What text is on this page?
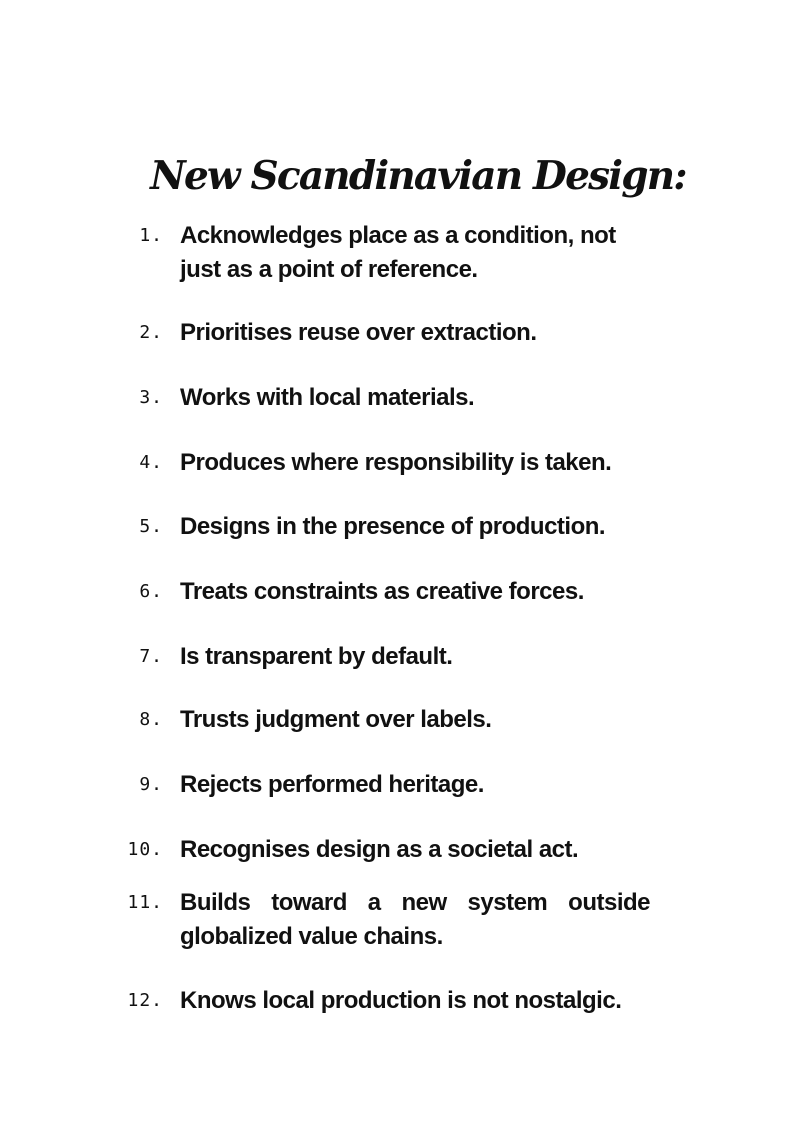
New Scandinavian Design:
1. Acknowledges place as a condition, not just as a point of reference.
2. Prioritises reuse over extraction.
3. Works with local materials.
4. Produces where responsibility is taken.
5. Designs in the presence of production.
6. Treats constraints as creative forces.
7. Is transparent by default.
8. Trusts judgment over labels.
9. Rejects performed heritage.
10. Recognises design as a societal act.
11. Builds toward a new system outside globalized value chains.
12. Knows local production is not nostalgic.
